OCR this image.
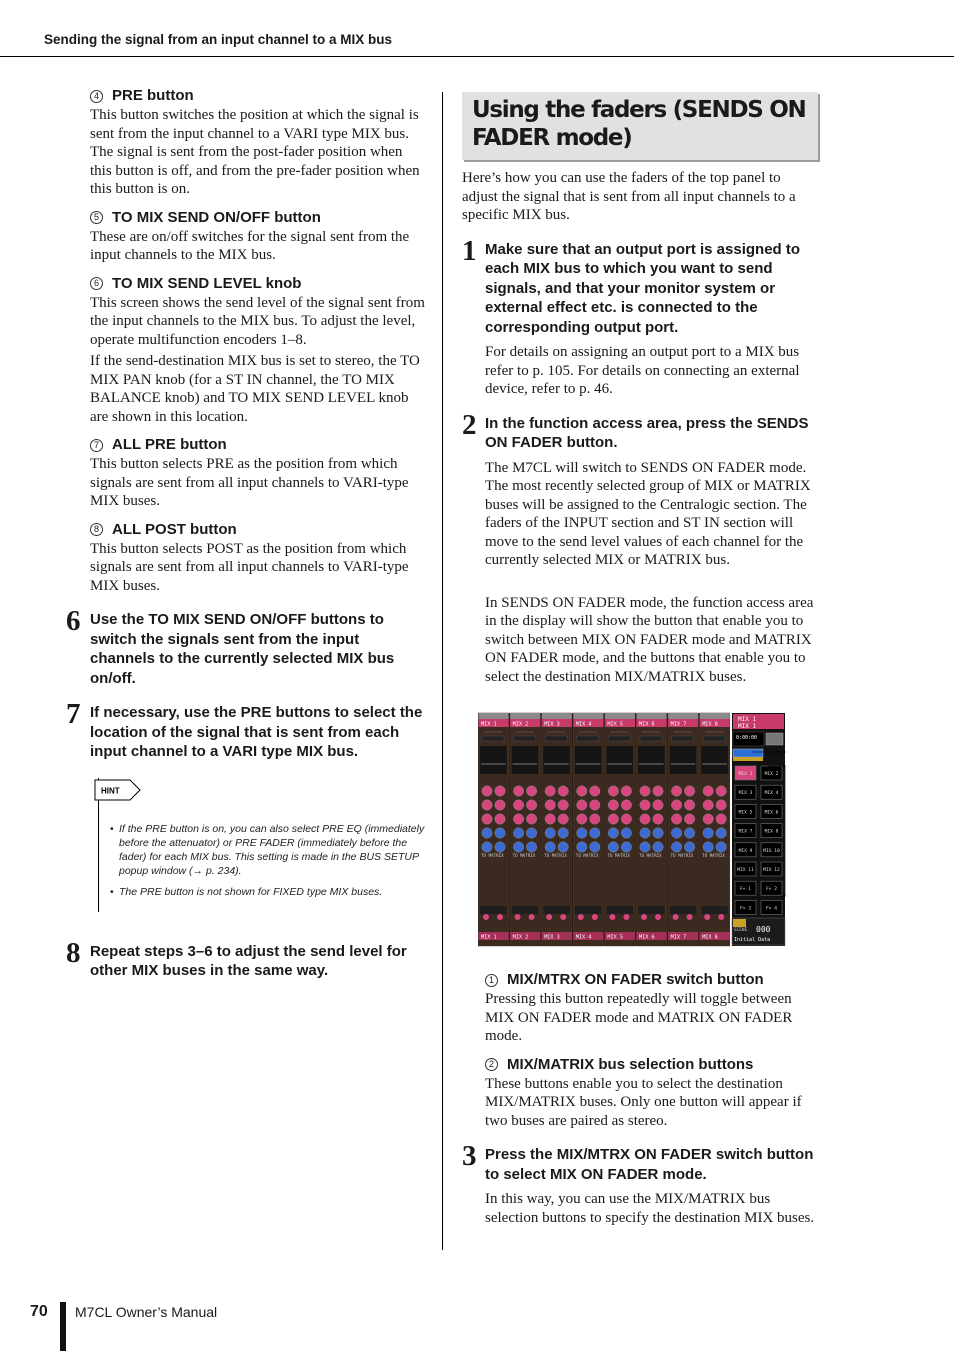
Sending the signal from an input channel to a MIX bus
4 PRE button
This button switches the position at which the signal is sent from the input channel to a VARI type MIX bus. The signal is sent from the post-fader position when this button is off, and from the pre-fader position when this button is on.
5 TO MIX SEND ON/OFF button
These are on/off switches for the signal sent from the input channels to the MIX bus.
6 TO MIX SEND LEVEL knob
This screen shows the send level of the signal sent from the input channels to the MIX bus. To adjust the level, operate multifunction encoders 1–8.
If the send-destination MIX bus is set to stereo, the TO MIX PAN knob (for a ST IN channel, the TO MIX BALANCE knob) and TO MIX SEND LEVEL knob are shown in this location.
7 ALL PRE button
This button selects PRE as the position from which signals are sent from all input channels to VARI-type MIX buses.
8 ALL POST button
This button selects POST as the position from which signals are sent from all input channels to VARI-type MIX buses.
6 Use the TO MIX SEND ON/OFF buttons to switch the signals sent from the input channels to the currently selected MIX bus on/off.
7 If necessary, use the PRE buttons to select the location of the signal that is sent from each input channel to a VARI type MIX bus.
HINT
• If the PRE button is on, you can also select PRE EQ (immediately before the attenuator) or PRE FADER (immediately before the fader) for each MIX bus. This setting is made in the BUS SETUP popup window (→ p. 234).
• The PRE button is not shown for FIXED type MIX buses.
8 Repeat steps 3–6 to adjust the send level for other MIX buses in the same way.
Using the faders (SENDS ON FADER mode)
Here’s how you can use the faders of the top panel to adjust the signal that is sent from all input channels to a specific MIX bus.
1 Make sure that an output port is assigned to each MIX bus to which you want to send signals, and that your monitor system or external effect etc. is connected to the corresponding output port.
For details on assigning an output port to a MIX bus refer to p. 105. For details on connecting an external device, refer to p. 46.
2 In the function access area, press the SENDS ON FADER button.
The M7CL will switch to SENDS ON FADER mode. The most recently selected group of MIX or MATRIX buses will be assigned to the Centralogic section. The faders of the INPUT section and ST IN section will move to the send level values of each channel for the currently selected MIX or MATRIX bus.
In SENDS ON FADER mode, the function access area in the display will show the button that enable you to switch between MIX ON FADER mode and MATRIX ON FADER mode, and the buttons that enable you to select the destination MIX/MATRIX buses.
MIX 1
TO MATRIX
MIX 1
MIX 2
TO MATRIX
MIX 2
MIX 3
TO MATRIX
MIX 3
MIX 4
TO MATRIX
MIX 4
MIX 5
TO MATRIX
MIX 5
MIX 6
TO MATRIX
MIX 6
MIX 7
TO MATRIX
MIX 7
MIX 8
TO MATRIX
MIX 8
MIX 1
MIX 1
0:00:00
MIX 1	MIX 2
MIX 3	MIX 4
MIX 5	MIX 6
MIX 7	MIX 8
MIX 9 MIX 10
MIX 11 MIX 12
F× 1	F× 2
F× 3	F× 4
SCENE 000
Initial Data
1 MIX/MTRX ON FADER switch button
Pressing this button repeatedly will toggle between MIX ON FADER mode and MATRIX ON FADER mode.
2 MIX/MATRIX bus selection buttons
These buttons enable you to select the destination MIX/MATRIX buses. Only one button will appear if two buses are paired as stereo.
3 Press the MIX/MTRX ON FADER switch button to select MIX ON FADER mode.
In this way, you can use the MIX/MATRIX bus selection buttons to specify the destination MIX buses.
70 M7CL Owner’s Manual
